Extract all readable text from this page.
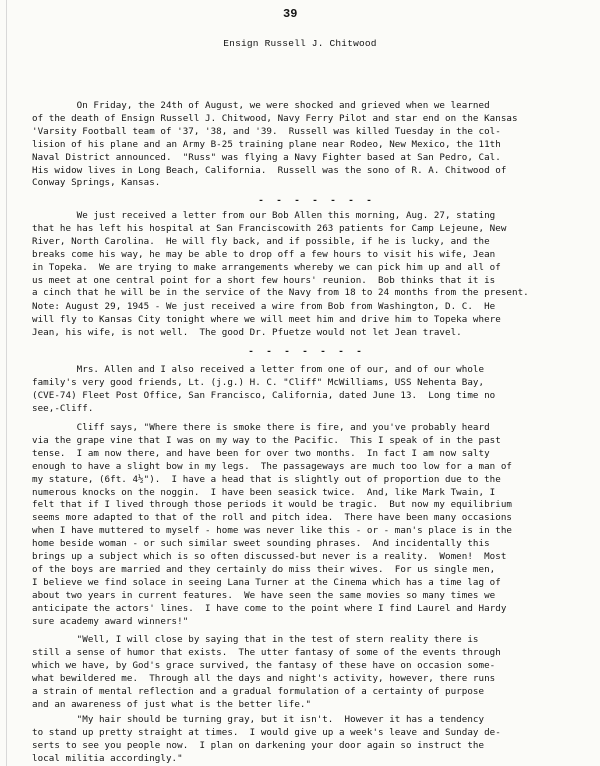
39
Ensign Russell J. Chitwood
On Friday, the 24th of August, we were shocked and grieved when we learned
of the death of Ensign Russell J. Chitwood, Navy Ferry Pilot and star end on the Kansas
'Varsity Football team of '37, '38, and '39.  Russell was killed Tuesday in the col-
lision of his plane and an Army B-25 training plane near Rodeo, New Mexico, the 11th
Naval District announced.  "Russ" was flying a Navy Fighter based at San Pedro, Cal.
His widow lives in Long Beach, California.  Russell was the sono of R. A. Chitwood of
Conway Springs, Kansas.
- - - - - - -
We just received a letter from our Bob Allen this morning, Aug. 27, stating
that he has left his hospital at San Franciscowith 263 patients for Camp Lejeune, New
River, North Carolina.  He will fly back, and if possible, if he is lucky, and the
breaks come his way, he may be able to drop off a few hours to visit his wife, Jean
in Topeka.  We are trying to make arrangements whereby we can pick him up and all of
us meet at one central point for a short few hours' reunion.  Bob thinks that it is
a cinch that he will be in the service of the Navy from 18 to 24 months from the present.
Note: August 29, 1945 - We just received a wire from Bob from Washington, D. C.  He
will fly to Kansas City tonight where we will meet him and drive him to Topeka where
Jean, his wife, is not well.  The good Dr. Pfuetze would not let Jean travel.
- - - - - - -
Mrs. Allen and I also received a letter from one of our, and of our whole
family's very good friends, Lt. (j.g.) H. C. "Cliff" McWilliams, USS Nehenta Bay,
(CVE-74) Fleet Post Office, San Francisco, California, dated June 13.  Long time no
see,-Cliff.
Cliff says, "Where there is smoke there is fire, and you've probably heard
via the grape vine that I was on my way to the Pacific.  This I speak of in the past
tense.  I am now there, and have been for over two months.  In fact I am now salty
enough to have a slight bow in my legs.  The passageways are much too low for a man of
my stature, (6ft. 4½").  I have a head that is slightly out of proportion due to the
numerous knocks on the noggin.  I have been seasick twice.  And, like Mark Twain, I
felt that if I lived through those periods it would be tragic.  But now my equilibrium
seems more adapted to that of the roll and pitch idea.  There have been many occasions
when I have muttered to myself - home was never like this - or - man's place is in the
home beside woman - or such similar sweet sounding phrases.  And incidentally this
brings up a subject which is so often discussed-but never is a reality.  Women!  Most
of the boys are married and they certainly do miss their wives.  For us single men,
I believe we find solace in seeing Lana Turner at the Cinema which has a time lag of
about two years in current features.  We have seen the same movies so many times we
anticipate the actors' lines.  I have come to the point where I find Laurel and Hardy
sure academy award winners!"
"Well, I will close by saying that in the test of stern reality there is
still a sense of humor that exists.  The utter fantasy of some of the events through
which we have, by God's grace survived, the fantasy of these have on occasion some-
what bewildered me.  Through all the days and night's activity, however, there runs
a strain of mental reflection and a gradual formulation of a certainty of purpose
and an awareness of just what is the better life."
"My hair should be turning gray, but it isn't.  However it has a tendency
to stand up pretty straight at times.  I would give up a week's leave and Sunday de-
serts to see you people now.  I plan on darkening your door again so instruct the
local militia accordingly."
